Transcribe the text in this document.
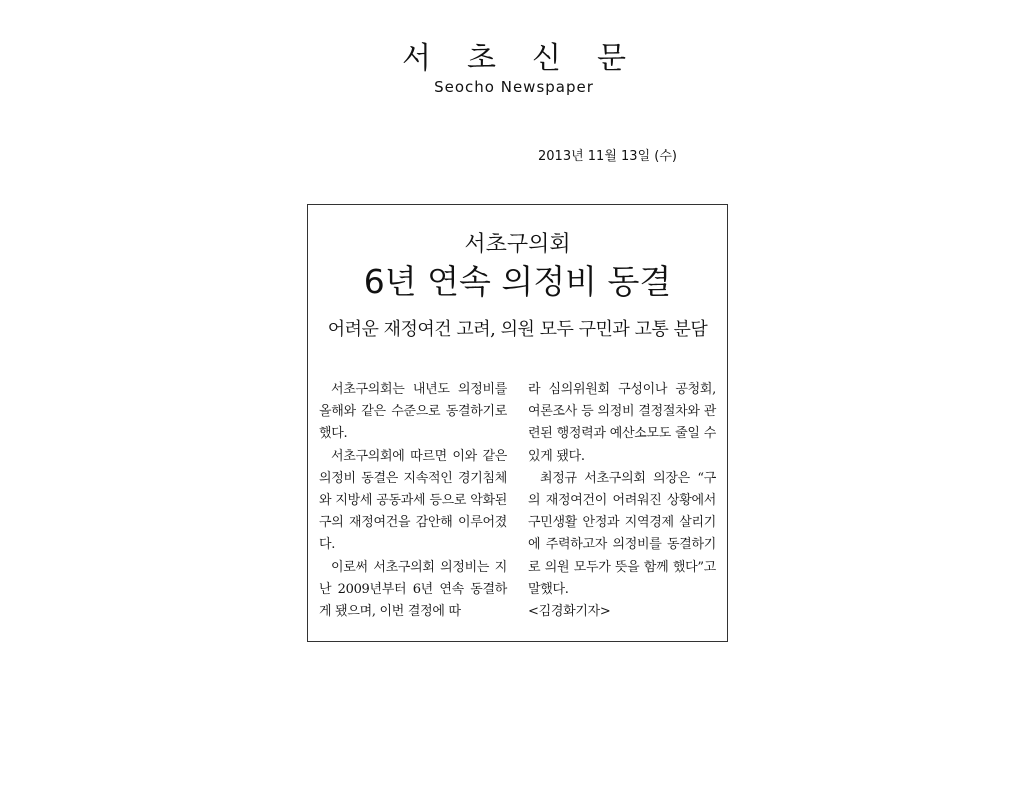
서초신문
Seocho Newspaper
2013년 11월 13일 (수)
서초구의회
6년 연속 의정비 동결
어려운 재정여건 고려, 의원 모두 구민과 고통 분담

서초구의회는 내년도 의정비를 올해와 같은 수준으로 동결하기로 했다.

서초구의회에 따르면 이와 같은 의정비 동결은 지속적인 경기침체와 지방세 공동과세 등으로 악화된 구의 재정여건을 감안해 이루어졌다.

이로써 서초구의회 의정비는 지난 2009년부터 6년 연속 동결하게 됐으며, 이번 결정에 따

라 심의위원회 구성이나 공청회, 여론조사 등 의정비 결정절차와 관련된 행정력과 예산소모도 줄일 수 있게 됐다.

최정규 서초구의회 의장은 “구의 재정여건이 어려워진 상황에서 구민생활 안정과 지역경제 살리기에 주력하고자 의정비를 동결하기로 의원 모두가 뜻을 함께 했다”고 말했다.

<김경화기자>
